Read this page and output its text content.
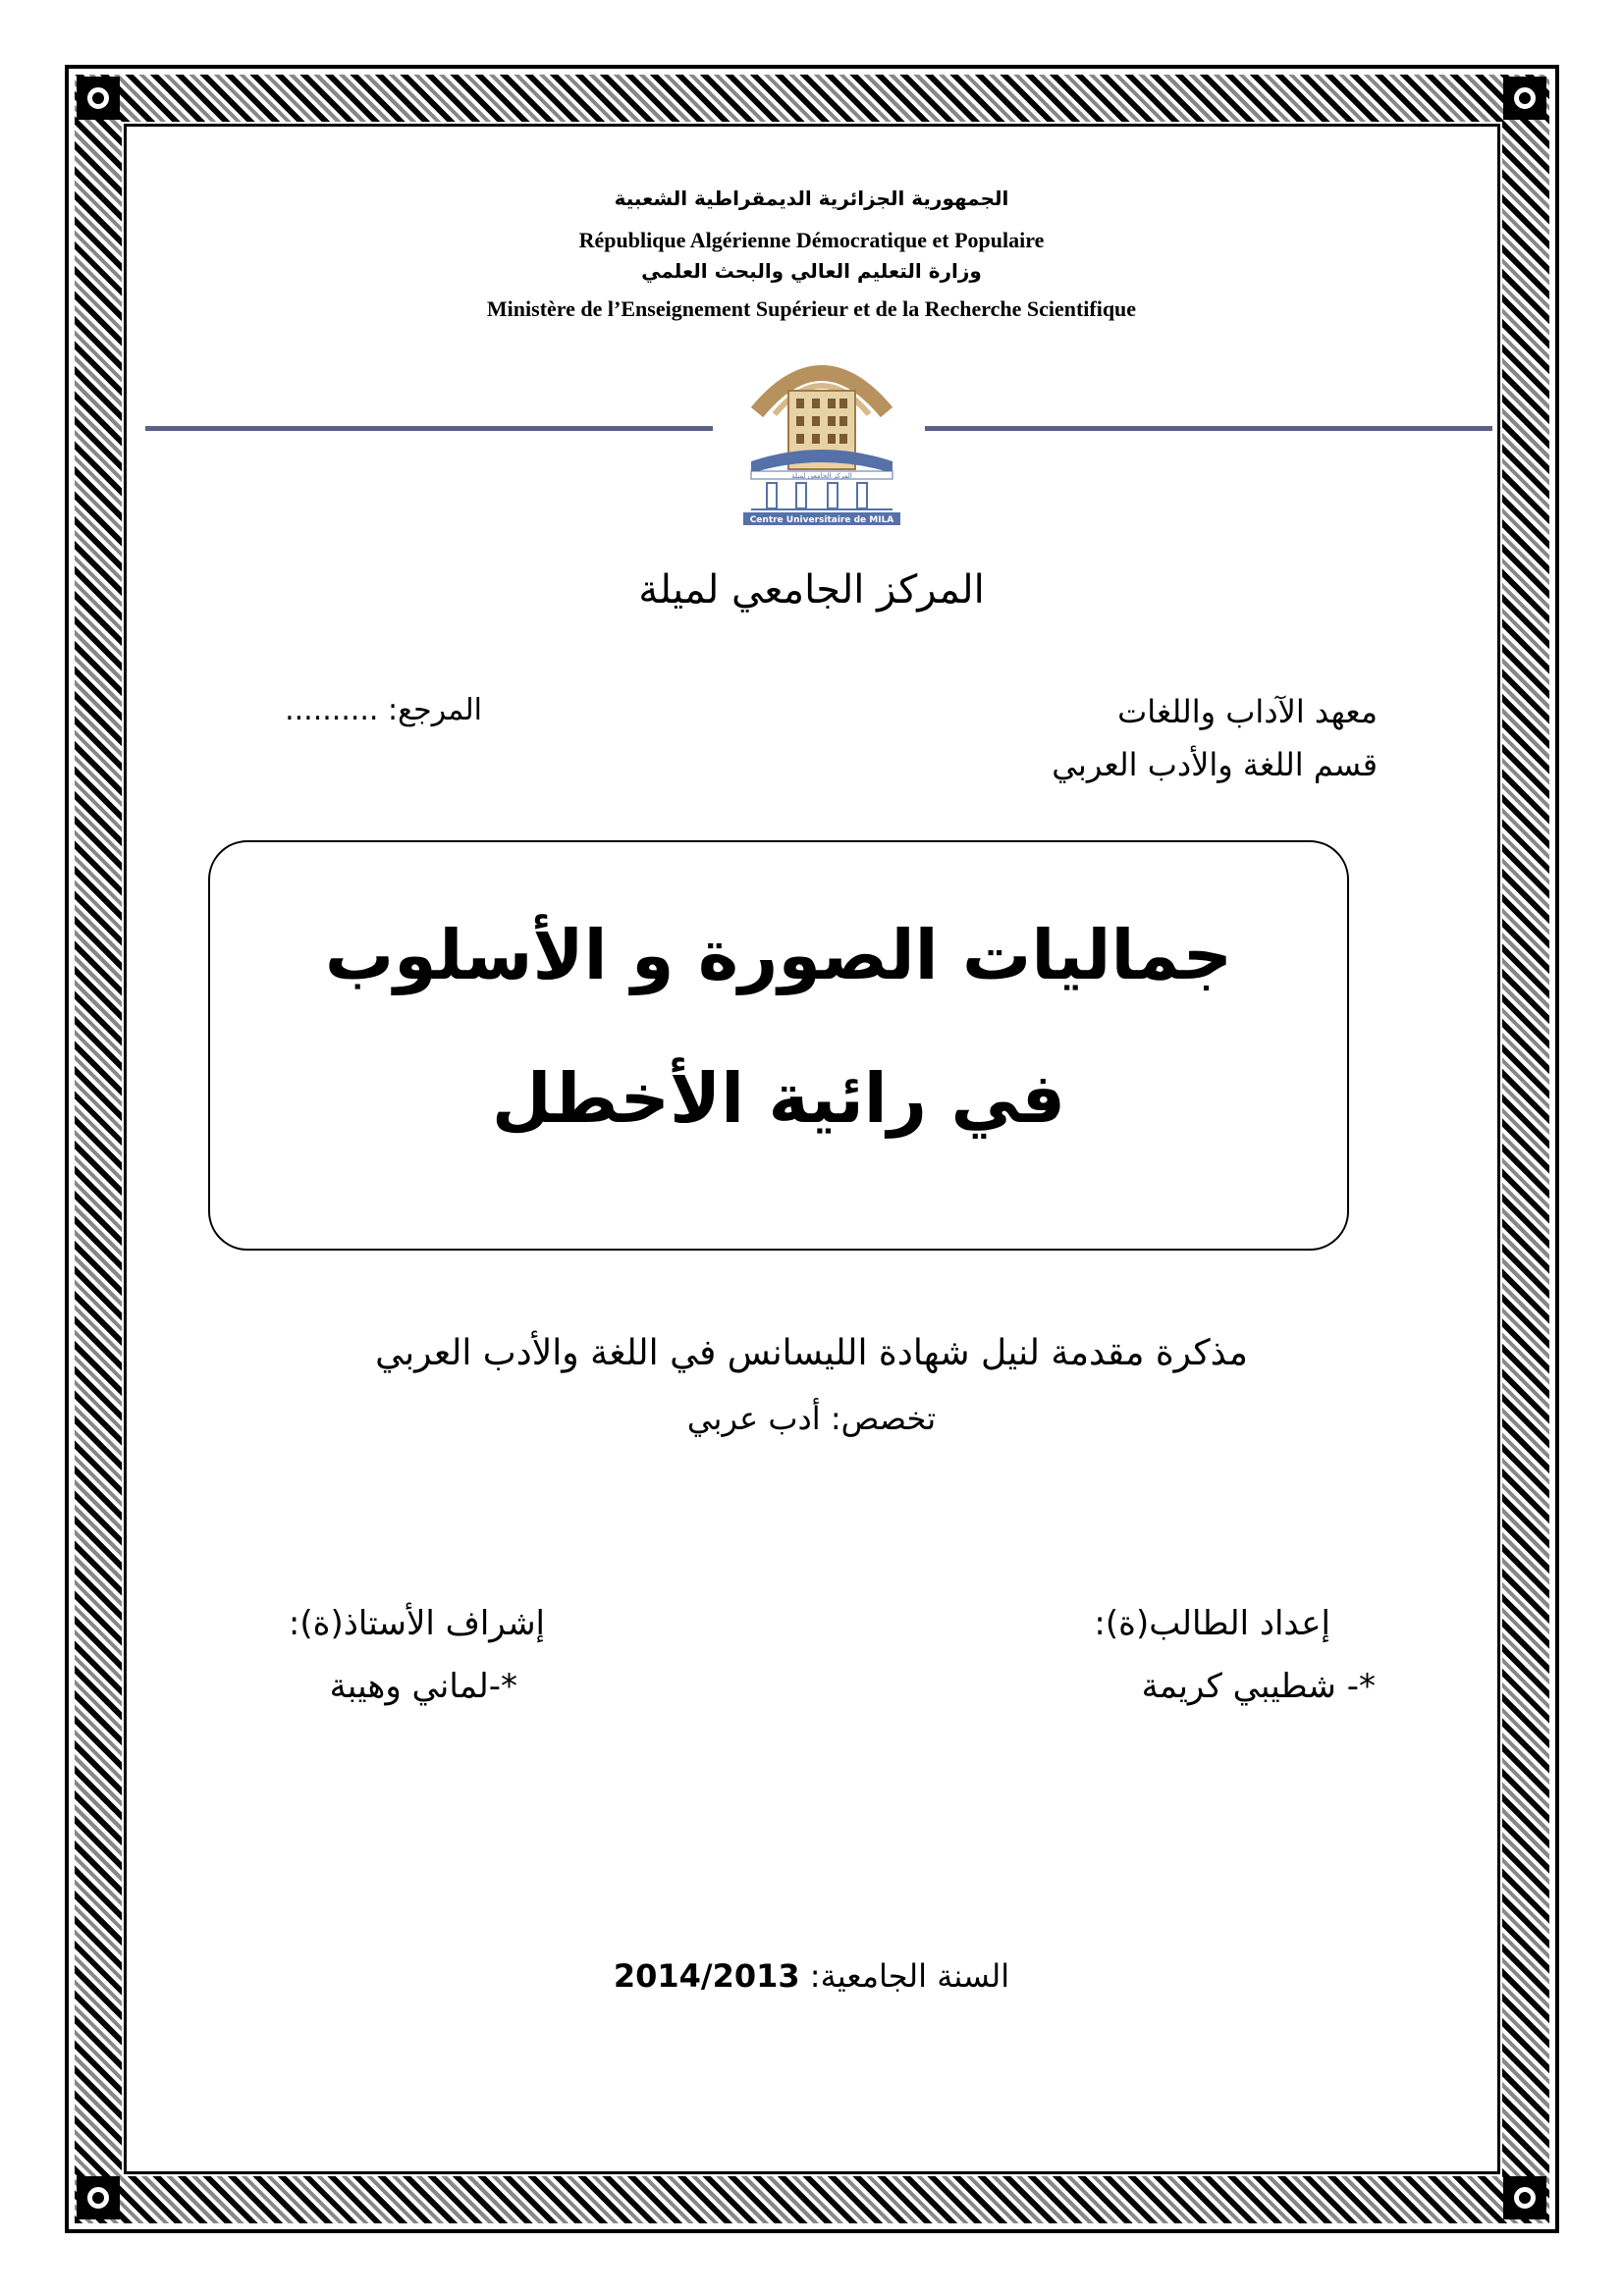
الجمهورية الجزائرية الديمقراطية الشعبية
République Algérienne Démocratique et Populaire
وزارة التعليم العالي والبحث العلمي
Ministère de l’Enseignement Supérieur et de la Recherche Scientifique
المركز الجامعي لميلة
Centre Universitaire de MILA
المركز الجامعي لميلة
معهد الآداب واللغات
قسم اللغة والأدب العربي
المرجع: ..........
جماليات الصورة و الأسلوب
في رائية الأخطل
مذكرة مقدمة لنيل شهادة الليسانس في اللغة والأدب العربي
تخصص: أدب عربي
إعداد الطالب(ة):
*- شطيبي كريمة
إشراف الأستاذ(ة):
*-لماني وهيبة
السنة الجامعية: 2014/2013
